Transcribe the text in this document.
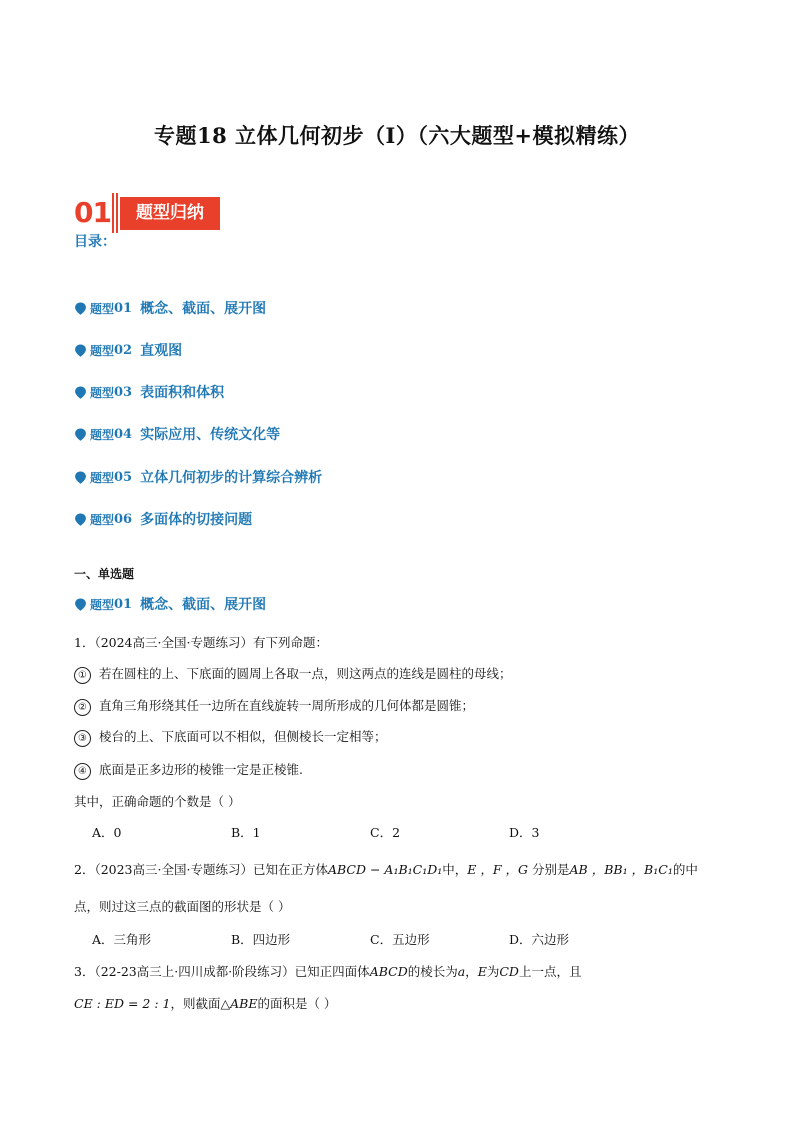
专题18 立体几何初步（Ⅰ）（六大题型+模拟精练）
01	题型归纳
目录：
题型 01 概念、截面、展开图
题型 02 直观图
题型 03 表面积和体积
题型 04 实际应用、传统文化等
题型 05 立体几何初步的计算综合辨析
题型 06 多面体的切接问题
一、单选题
题型 01 概念、截面、展开图
1．（2024高三·全国·专题练习）有下列命题：
① 若在圆柱的上、下底面的圆周上各取一点，则这两点的连线是圆柱的母线；
② 直角三角形绕其任一边所在直线旋转一周所形成的几何体都是圆锥；
③ 棱台的上、下底面可以不相似，但侧棱长一定相等；
④ 底面是正多边形的棱锥一定是正棱锥.
其中，正确命题的个数是（ ）
A．0	B．1	C．2	D．3
2．（2023高三·全国·专题练习）已知在正方体ABCD − A₁B₁C₁D₁中，E ，F ，G 分别是AB ，BB₁ ，B₁C₁的中
点，则过这三点的截面图的形状是（ ）
A．三角形	B．四边形	C．五边形	D．六边形
3．（22-23高三上·四川成都·阶段练习）已知正四面体ABCD的棱长为a，E为CD上一点，且
CE : ED = 2 : 1，则截面△ABE的面积是（ ）
